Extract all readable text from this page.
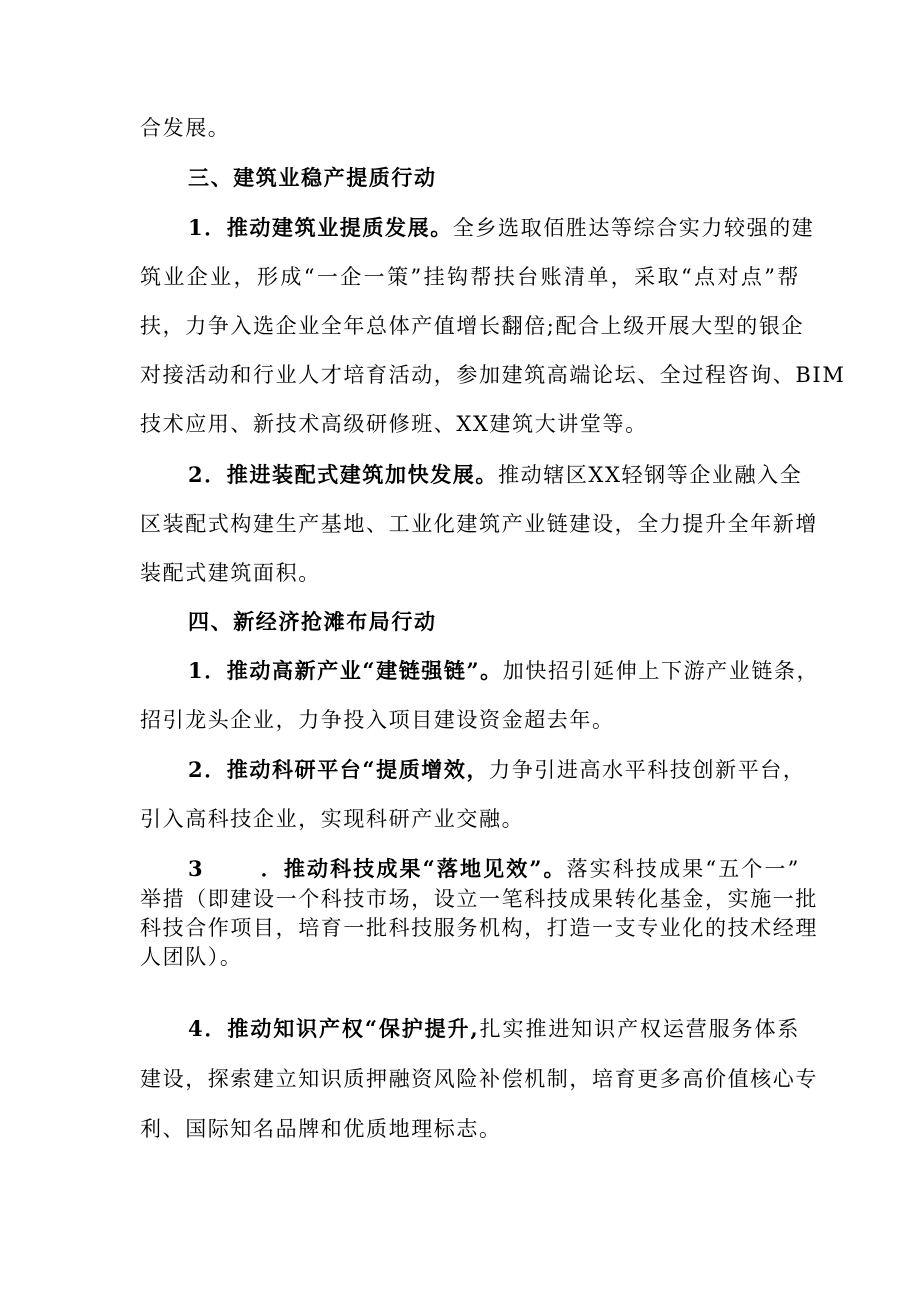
合发展。
三、建筑业稳产提质行动
1．推动建筑业提质发展。全乡选取佰胜达等综合实力较强的建
筑业企业，形成“一企一策”挂钩帮扶台账清单，采取“点对点”帮
扶，力争入选企业全年总体产值增长翻倍;配合上级开展大型的银企
对接活动和行业人才培育活动，参加建筑高端论坛、全过程咨询、BIM
技术应用、新技术高级研修班、XX建筑大讲堂等。
2．推进装配式建筑加快发展。推动辖区XX轻钢等企业融入全
区装配式构建生产基地、工业化建筑产业链建设，全力提升全年新增
装配式建筑面积。
四、新经济抢滩布局行动
1．推动高新产业“建链强链”。加快招引延伸上下游产业链条，
招引龙头企业，力争投入项目建设资金超去年。
2．推动科研平台“提质增效，力争引进高水平科技创新平台，
引入高科技企业，实现科研产业交融。
3	．推动科技成果“落地见效”。落实科技成果“五个一”
举措（即建设一个科技市场，设立一笔科技成果转化基金，实施一批
科技合作项目，培育一批科技服务机构，打造一支专业化的技术经理
人团队）。
4．推动知识产权“保护提升,扎实推进知识产权运营服务体系
建设，探索建立知识质押融资风险补偿机制，培育更多高价值核心专
利、国际知名品牌和优质地理标志。
